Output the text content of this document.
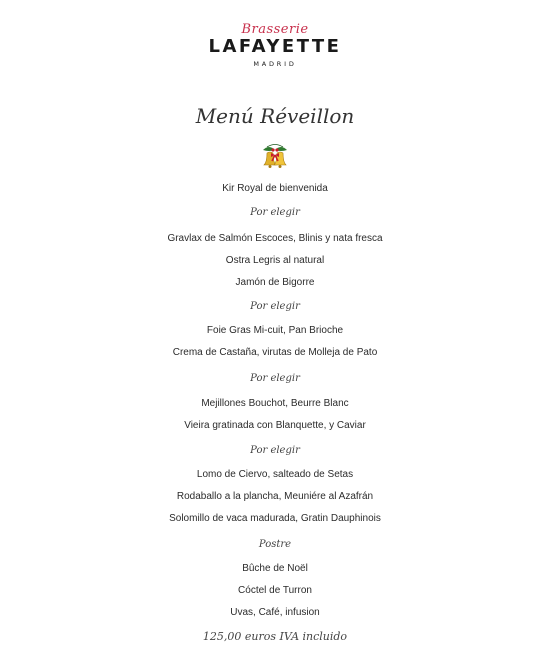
Brasserie
LAFAYETTE
MADRID
Menú Réveillon
Kir Royal de bienvenida
Por elegir
Gravlax de Salmón Escoces, Blinis y nata fresca
Ostra Legris al natural
Jamón de Bigorre
Por elegir
Foie Gras Mi-cuit, Pan Brioche
Crema de Castaña, virutas de Molleja de Pato
Por elegir
Mejillones Bouchot, Beurre Blanc
Vieira gratinada con Blanquette, y Caviar
Por elegir
Lomo de Ciervo, salteado de Setas
Rodaballo a la plancha, Meuniére al Azafrán
Solomillo de vaca madurada, Gratin Dauphinois
Postre
Bûche de Noël
Cóctel de Turron
Uvas, Café, infusion
125,00 euros IVA incluido
